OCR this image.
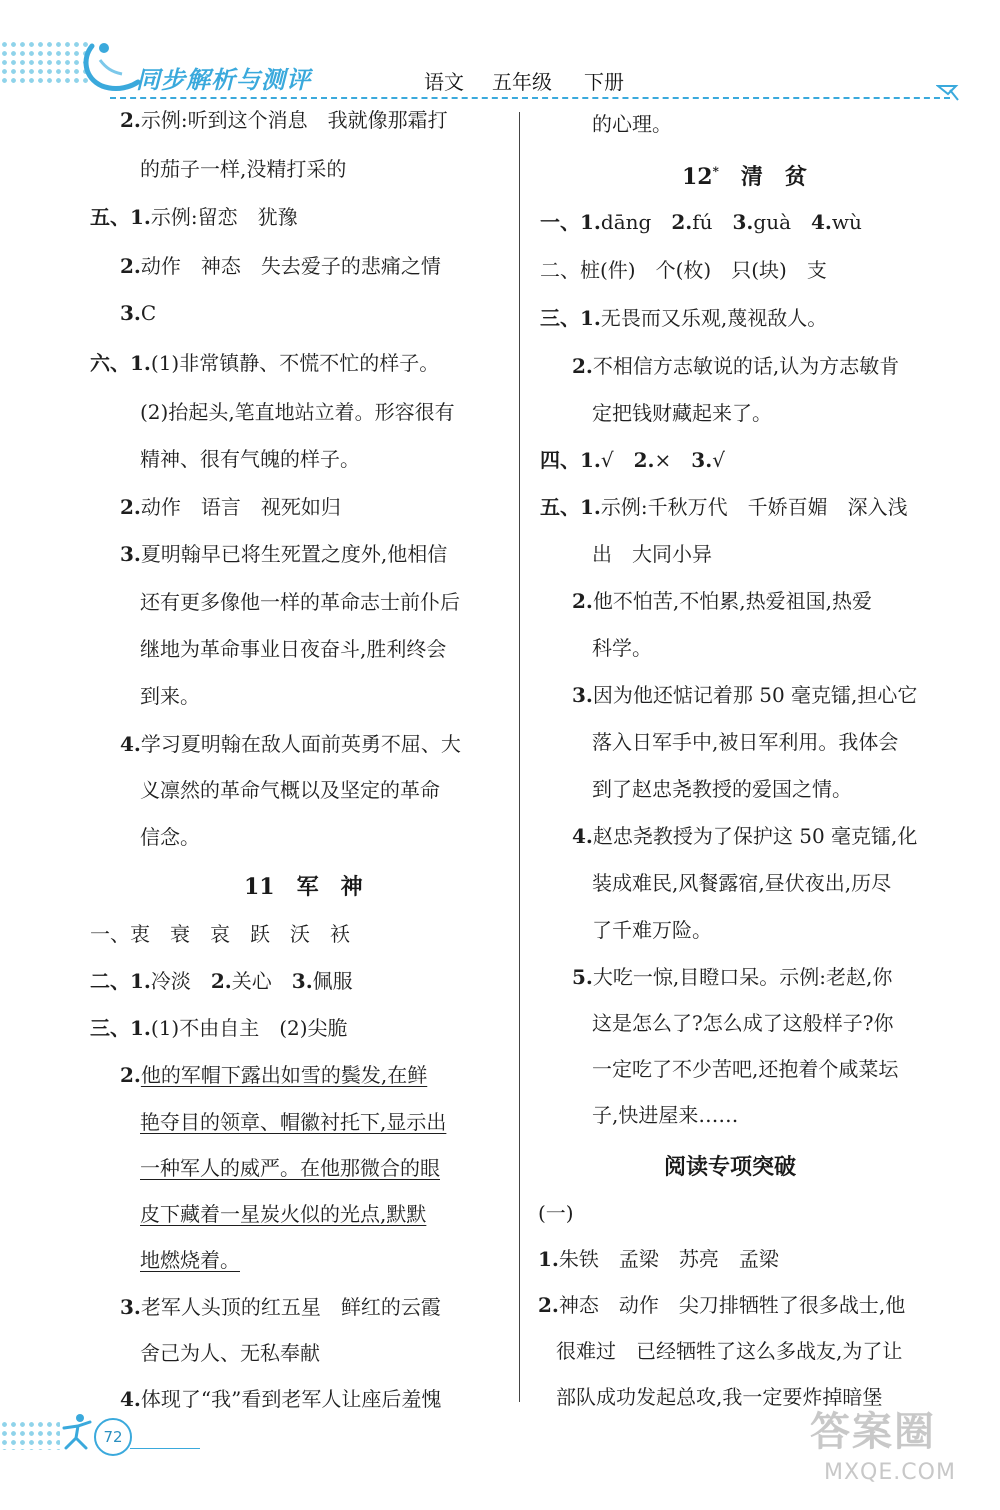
同步解析与测评	语文 五年级 下册
2.示例:听到这个消息　我就像那霜打
的茄子一样,没精打采的
五、1.示例:留恋　犹豫
2.动作　神态　失去爱子的悲痛之情
3.C
六、1.(1)非常镇静、不慌不忙的样子。
(2)抬起头,笔直地站立着。形容很有
精神、很有气魄的样子。
2.动作　语言　视死如归
3.夏明翰早已将生死置之度外,他相信
还有更多像他一样的革命志士前仆后
继地为革命事业日夜奋斗,胜利终会
到来。
4.学习夏明翰在敌人面前英勇不屈、大
义凛然的革命气概以及坚定的革命
信念。
11　军　神
一、衷　衰　哀　跃　沃　袄
二、1.冷淡　2.关心　3.佩服
三、1.(1)不由自主　(2)尖脆
2.他的军帽下露出如雪的鬓发,在鲜
艳夺目的领章、帽徽衬托下,显示出
一种军人的威严。在他那微合的眼
皮下藏着一星炭火似的光点,默默
地燃烧着。
3.老军人头顶的红五星　鲜红的云霞
舍己为人、无私奉献
4.体现了“我”看到老军人让座后羞愧
的心理。
12*　 清　贫
一、1.dāng　2.fú　3.guà　4.wù
二、桩(件)　个(枚)　只(块)　支
三、1.无畏而又乐观,蔑视敌人。
2.不相信方志敏说的话,认为方志敏肯
定把钱财藏起来了。
四、1.√　2.×　3.√
五、1.示例:千秋万代　千娇百媚　深入浅
出　大同小异
2.他不怕苦,不怕累,热爱祖国,热爱
科学。
3.因为他还惦记着那 50 毫克镭,担心它
落入日军手中,被日军利用。我体会
到了赵忠尧教授的爱国之情。
4.赵忠尧教授为了保护这 50 毫克镭,化
装成难民,风餐露宿,昼伏夜出,历尽
了千难万险。
5.大吃一惊,目瞪口呆。示例:老赵,你
这是怎么了?怎么成了这般样子?你
一定吃了不少苦吧,还抱着个咸菜坛
子,快进屋来……
阅读专项突破
(一)
1.朱铁　孟梁　苏亮　孟梁
2.神态　动作　尖刀排牺牲了很多战士,他
很难过　已经牺牲了这么多战友,为了让
部队成功发起总攻,我一定要炸掉暗堡
72	答案圈
MXQE.COM
